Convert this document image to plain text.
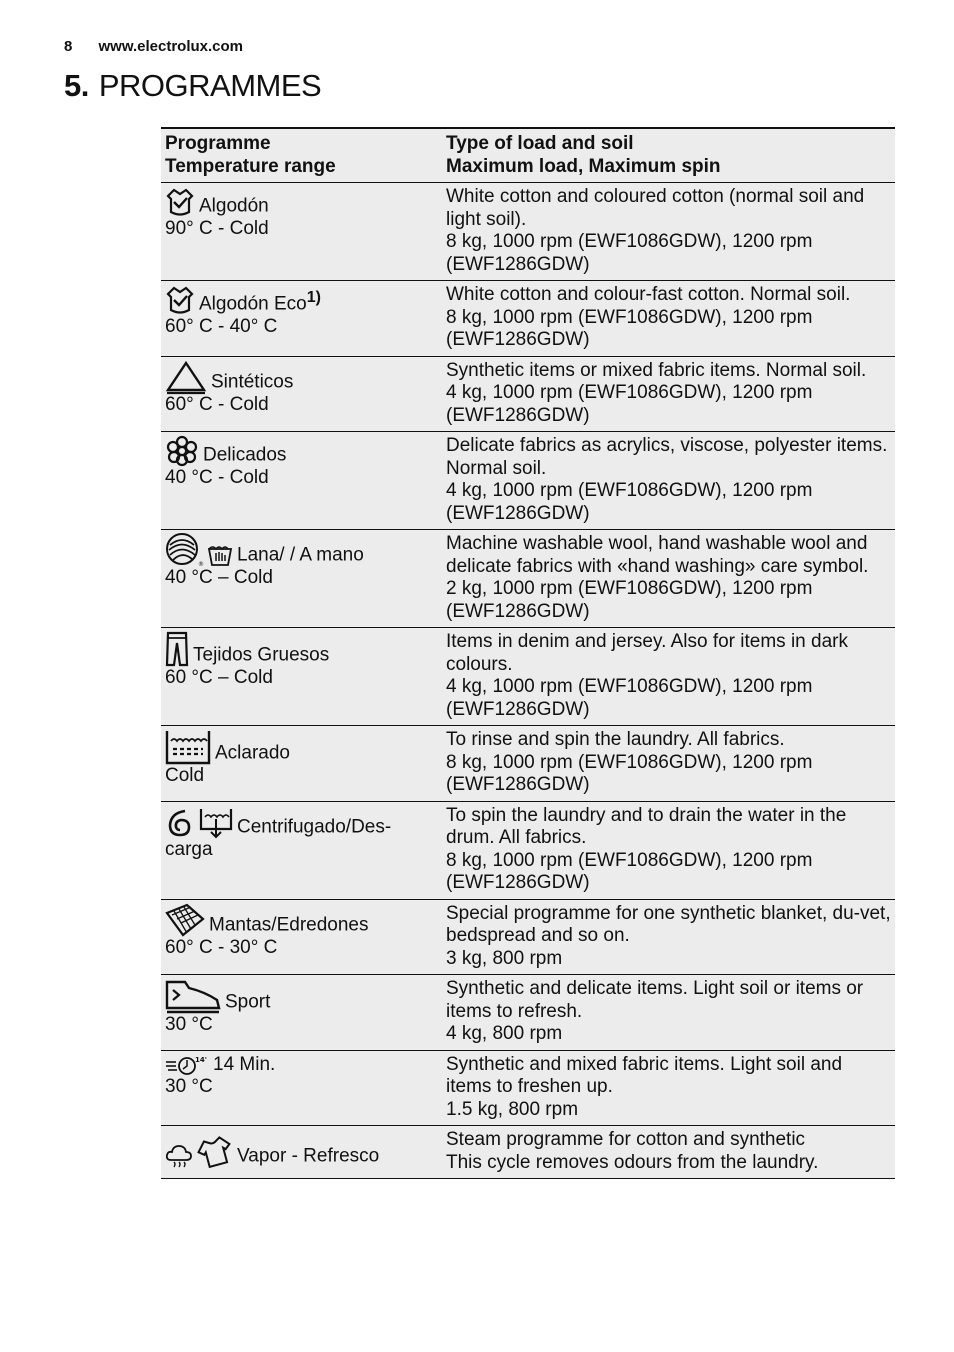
8 www.electrolux.com
5. PROGRAMMES
Programme
Temperature range	Type of load and soil
Maximum load, Maximum spin

Algodón
90° C - Cold	White cotton and coloured cotton (normal soil and light soil).
8 kg, 1000 rpm (EWF1086GDW), 1200 rpm (EWF1286GDW)

Algodón Eco$^{1)}$
60° C - 40° C	White cotton and colour-fast cotton. Normal soil.
8 kg, 1000 rpm (EWF1086GDW), 1200 rpm (EWF1286GDW)

Sintéticos
60° C - Cold	Synthetic items or mixed fabric items. Normal soil.
4 kg, 1000 rpm (EWF1086GDW), 1200 rpm (EWF1286GDW)

Delicados
40 °C - Cold	Delicate fabrics as acrylics, viscose, polyester items. Normal soil.
4 kg, 1000 rpm (EWF1086GDW), 1200 rpm (EWF1286GDW)

® Lana/ / A mano
40 °C – Cold	Machine washable wool, hand washable wool and delicate fabrics with «hand washing» care symbol.
2 kg, 1000 rpm (EWF1086GDW), 1200 rpm (EWF1286GDW)

Tejidos Gruesos
60 °C – Cold	Items in denim and jersey. Also for items in dark colours.
4 kg, 1000 rpm (EWF1086GDW), 1200 rpm (EWF1286GDW)

Aclarado
Cold	To rinse and spin the laundry. All fabrics.
8 kg, 1000 rpm (EWF1086GDW), 1200 rpm (EWF1286GDW)

Centrifugado/Des-carga	To spin the laundry and to drain the water in the drum. All fabrics.
8 kg, 1000 rpm (EWF1086GDW), 1200 rpm (EWF1286GDW)

Mantas/Edredones
60° C - 30° C	Special programme for one synthetic blanket, du-vet, bedspread and so on.
3 kg, 800 rpm

Sport
30 °C	Synthetic and delicate items. Light soil or items or items to refresh.
4 kg, 800 rpm

14' 14 Min.
30 °C	Synthetic and mixed fabric items. Light soil and items to freshen up.
1.5 kg, 800 rpm

Vapor - Refresco	Steam programme for cotton and synthetic
This cycle removes odours from the laundry.
